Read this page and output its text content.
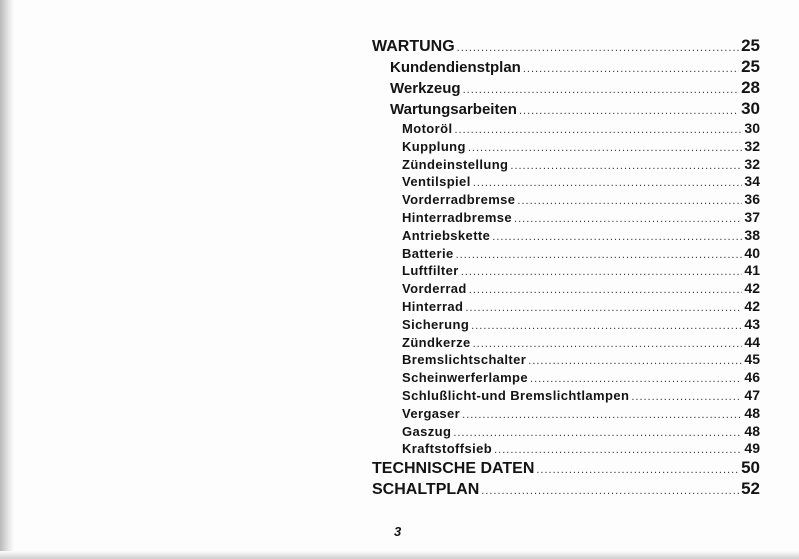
WARTUNG .....	25
Kundendienstplan .....	25
Werkzeug .....	28
Wartungsarbeiten .....	30
Motoröl .....	30
Kupplung .....	32
Zündeinstellung .....	32
Ventilspiel .....	34
Vorderradbremse .....	36
Hinterradbremse .....	37
Antriebskette .....	38
Batterie .....	40
Luftfilter .....	41
Vorderrad .....	42
Hinterrad .....	42
Sicherung .....	43
Zündkerze .....	44
Bremslichtschalter .....	45
Scheinwerferlampe .....	46
Schlußlicht-und Bremslichtlampen .....	47
Vergaser .....	48
Gaszug .....	48
Kraftstoffsieb .....	49
TECHNISCHE DATEN .....	50
SCHALTPLAN .....	52
3
